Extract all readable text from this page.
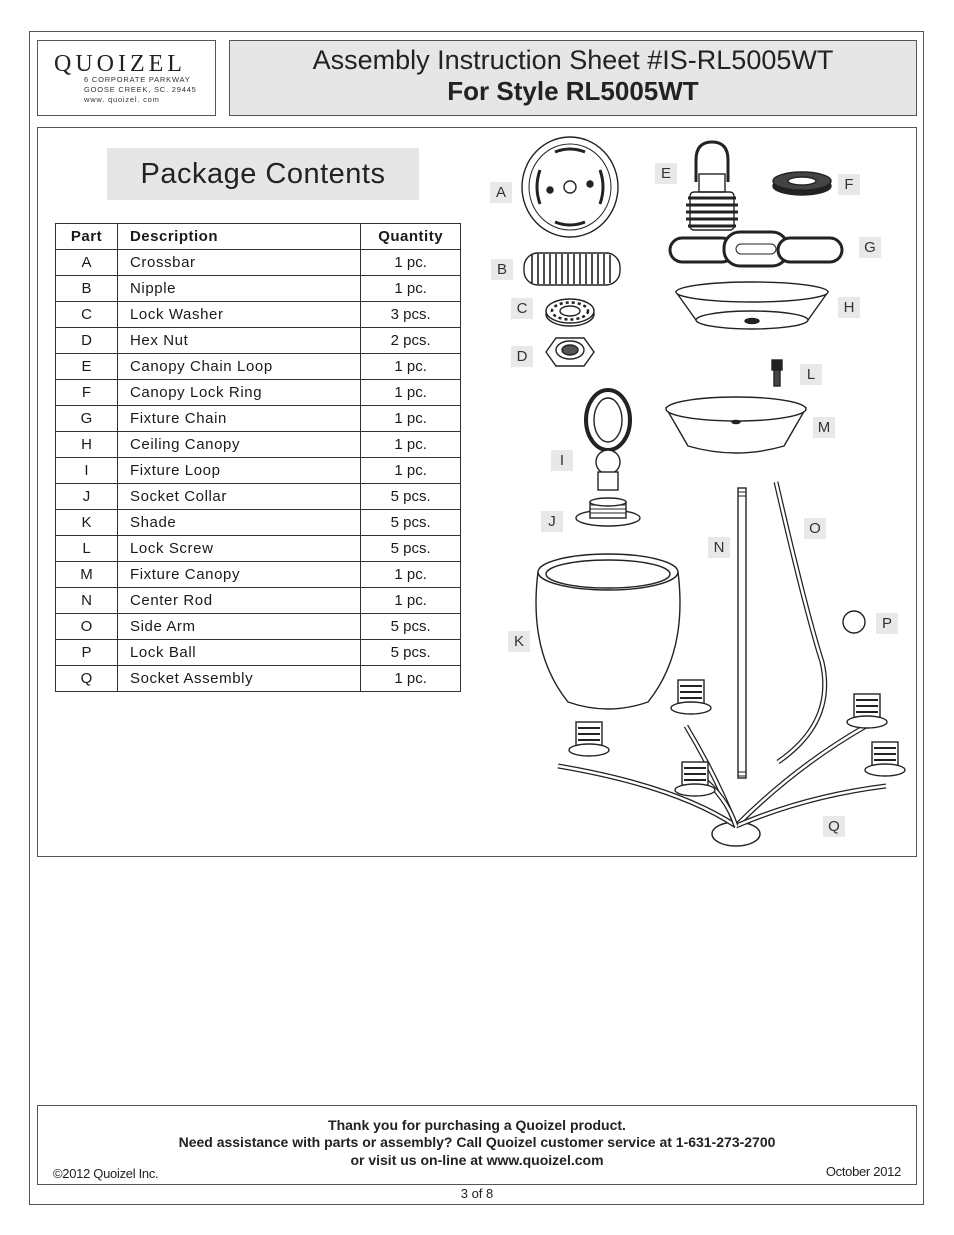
QUOIZEL
6 CORPORATE PARKWAY
GOOSE CREEK, SC. 29445
www. quoizel. com
Assembly Instruction Sheet #IS-RL5005WT
For Style RL5005WT
Package Contents
Part	Description	Quantity
A	Crossbar	1 pc.
B	Nipple	1 pc.
C	Lock Washer	3 pcs.
D	Hex Nut	2 pcs.
E	Canopy Chain Loop	1 pc.
F	Canopy Lock Ring	1 pc.
G	Fixture Chain	1 pc.
H	Ceiling Canopy	1 pc.
I	Fixture Loop	1 pc.
J	Socket Collar	5 pcs.
K	Shade	5 pcs.
L	Lock Screw	5 pcs.
M	Fixture Canopy	1 pc.
N	Center Rod	1 pc.
O	Side Arm	5 pcs.
P	Lock Ball	5 pcs.
Q	Socket Assembly	1 pc.
A
B
C
D
E
F
G
H
I
J
K
L
M
N
O
P
Q
Thank you for purchasing a Quoizel product.
Need assistance with parts or assembly? Call Quoizel customer service at 1-631-273-2700
or visit us on-line at www.quoizel.com
©2012 Quoizel Inc.	October 2012
3 of 8
